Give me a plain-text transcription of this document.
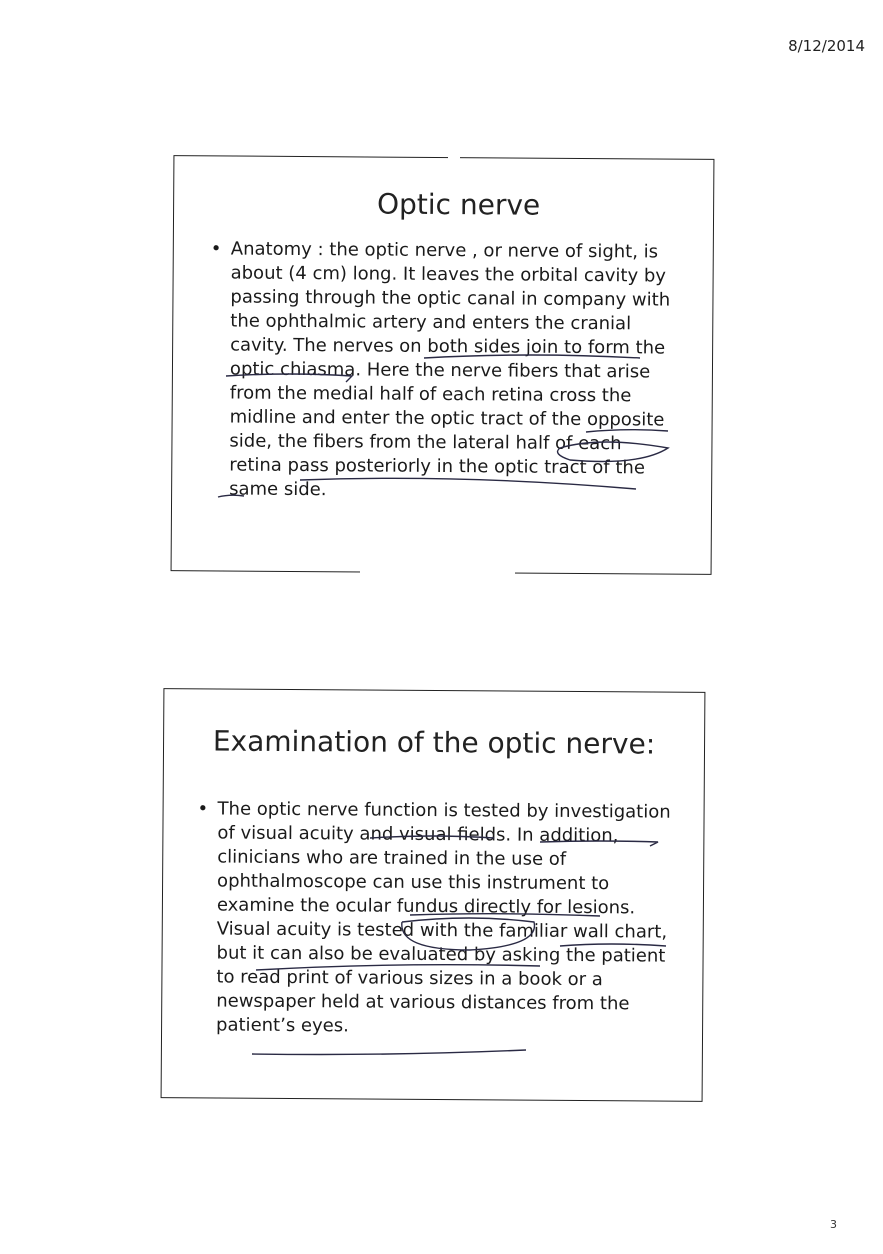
8/12/2014
Optic nerve
• Anatomy : the optic nerve , or nerve of sight, is about (4 cm) long. It leaves the orbital cavity by passing through the optic canal in company with the ophthalmic artery and enters the cranial cavity. The nerves on both sides join to form the optic chiasma. Here the nerve fibers that arise from the medial half of each retina cross the midline and enter the optic tract of the opposite side, the fibers from the lateral half of each retina pass posteriorly in the optic tract of the same side.
Examination of the optic nerve:
• The optic nerve function is tested by investigation of visual acuity and visual fields. In addition, clinicians who are trained in the use of ophthalmoscope can use this instrument to examine the ocular fundus directly for lesions. Visual acuity is tested with the familiar wall chart, but it can also be evaluated by asking the patient to read print of various sizes in a book or a newspaper held at various distances from the patient’s eyes.
3
